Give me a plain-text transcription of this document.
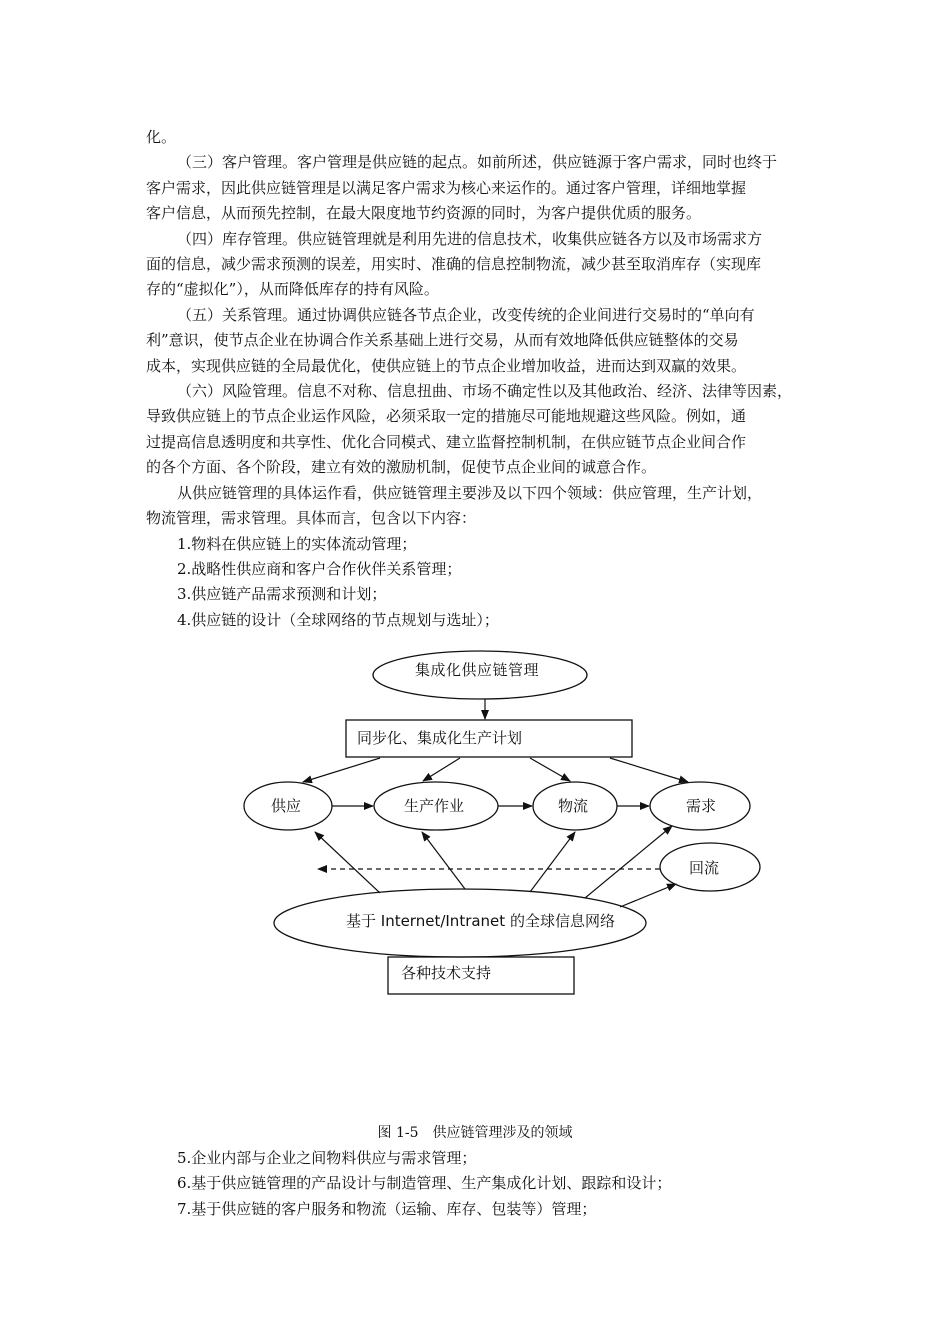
化。
（三）客户管理。客户管理是供应链的起点。如前所述，供应链源于客户需求，同时也终于
客户需求，因此供应链管理是以满足客户需求为核心来运作的。通过客户管理，详细地掌握
客户信息，从而预先控制，在最大限度地节约资源的同时，为客户提供优质的服务。
（四）库存管理。供应链管理就是利用先进的信息技术，收集供应链各方以及市场需求方
面的信息，减少需求预测的误差，用实时、准确的信息控制物流，减少甚至取消库存（实现库
存的“虚拟化”），从而降低库存的持有风险。
（五）关系管理。通过协调供应链各节点企业，改变传统的企业间进行交易时的“单向有
利”意识，使节点企业在协调合作关系基础上进行交易，从而有效地降低供应链整体的交易
成本，实现供应链的全局最优化，使供应链上的节点企业增加收益，进而达到双赢的效果。
（六）风险管理。信息不对称、信息扭曲、市场不确定性以及其他政治、经济、法律等因素，
导致供应链上的节点企业运作风险，必须采取一定的措施尽可能地规避这些风险。例如，通
过提高信息透明度和共享性、优化合同模式、建立监督控制机制，在供应链节点企业间合作
的各个方面、各个阶段，建立有效的激励机制，促使节点企业间的诚意合作。
从供应链管理的具体运作看，供应链管理主要涉及以下四个领域：供应管理，生产计划，
物流管理，需求管理。具体而言，包含以下内容：
1.物料在供应链上的实体流动管理；
2.战略性供应商和客户合作伙伴关系管理；
3.供应链产品需求预测和计划；
4.供应链的设计（全球网络的节点规划与选址）；
集成化供应链管理
同步化、集成化生产计划
供应	生产作业	物流	需求
回流
基于 Internet/Intranet 的全球信息网络
各种技术支持
图 1-5　供应链管理涉及的领域
5.企业内部与企业之间物料供应与需求管理；
6.基于供应链管理的产品设计与制造管理、生产集成化计划、跟踪和设计；
7.基于供应链的客户服务和物流（运输、库存、包装等）管理；
